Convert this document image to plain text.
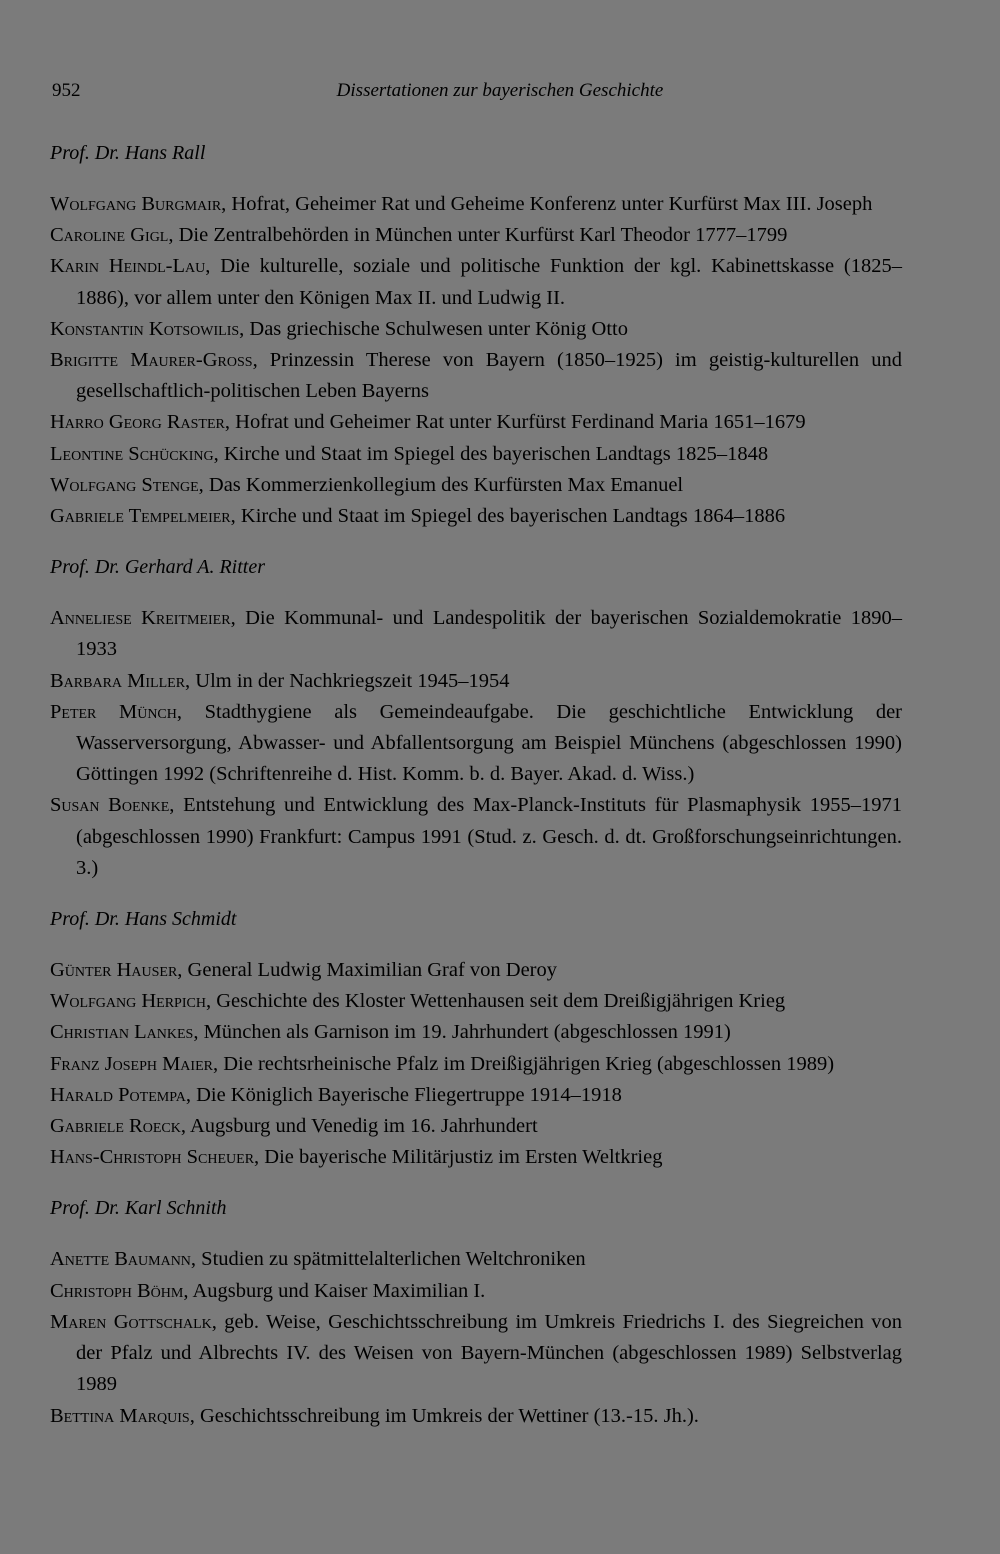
952	Dissertationen zur bayerischen Geschichte
Prof. Dr. Hans Rall

Wolfgang Burgmair, Hofrat, Geheimer Rat und Geheime Konferenz unter Kurfürst Max III. Joseph

Caroline Gigl, Die Zentralbehörden in München unter Kurfürst Karl Theodor 1777–1799

Karin Heindl-Lau, Die kulturelle, soziale und politische Funktion der kgl. Kabinettskasse (1825–1886), vor allem unter den Königen Max II. und Ludwig II.

Konstantin Kotsowilis, Das griechische Schulwesen unter König Otto

Brigitte Maurer-Gross, Prinzessin Therese von Bayern (1850–1925) im geistig-kulturellen und gesellschaftlich-politischen Leben Bayerns

Harro Georg Raster, Hofrat und Geheimer Rat unter Kurfürst Ferdinand Maria 1651–1679

Leontine Schücking, Kirche und Staat im Spiegel des bayerischen Landtags 1825–1848

Wolfgang Stenge, Das Kommerzienkollegium des Kurfürsten Max Emanuel

Gabriele Tempelmeier, Kirche und Staat im Spiegel des bayerischen Landtags 1864–1886

Prof. Dr. Gerhard A. Ritter

Anneliese Kreitmeier, Die Kommunal- und Landespolitik der bayerischen Sozialdemokratie 1890–1933

Barbara Miller, Ulm in der Nachkriegszeit 1945–1954

Peter Münch, Stadthygiene als Gemeindeaufgabe. Die geschichtliche Entwicklung der Wasserversorgung, Abwasser- und Abfallentsorgung am Beispiel Münchens (abgeschlossen 1990) Göttingen 1992 (Schriftenreihe d. Hist. Komm. b. d. Bayer. Akad. d. Wiss.)

Susan Boenke, Entstehung und Entwicklung des Max-Planck-Instituts für Plasmaphysik 1955–1971 (abgeschlossen 1990) Frankfurt: Campus 1991 (Stud. z. Gesch. d. dt. Großforschungseinrichtungen. 3.)

Prof. Dr. Hans Schmidt

Günter Hauser, General Ludwig Maximilian Graf von Deroy

Wolfgang Herpich, Geschichte des Kloster Wettenhausen seit dem Dreißigjährigen Krieg

Christian Lankes, München als Garnison im 19. Jahrhundert (abgeschlossen 1991)

Franz Joseph Maier, Die rechtsrheinische Pfalz im Dreißigjährigen Krieg (abgeschlossen 1989)

Harald Potempa, Die Königlich Bayerische Fliegertruppe 1914–1918

Gabriele Roeck, Augsburg und Venedig im 16. Jahrhundert

Hans-Christoph Scheuer, Die bayerische Militärjustiz im Ersten Weltkrieg

Prof. Dr. Karl Schnith

Anette Baumann, Studien zu spätmittelalterlichen Weltchroniken

Christoph Böhm, Augsburg und Kaiser Maximilian I.

Maren Gottschalk, geb. Weise, Geschichtsschreibung im Umkreis Friedrichs I. des Siegreichen von der Pfalz und Albrechts IV. des Weisen von Bayern-München (abgeschlossen 1989) Selbstverlag 1989

Bettina Marquis, Geschichtsschreibung im Umkreis der Wettiner (13.-15. Jh.).
